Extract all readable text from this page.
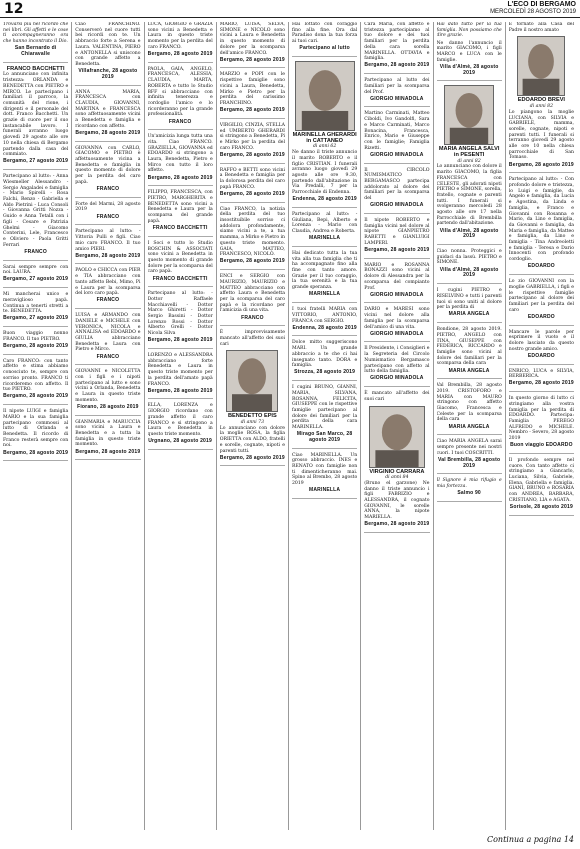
12	L'ECO DI BERGAMO
MERCOLEDÌ 28 AGOSTO 2019

Trovarsi più nel ricordo che nei libri. Gli affetti e le cose ti accompagneranno ora che hanno incontrato il Dio.

San Bernardo di Chiaravalle
FRANCO BACCHETTI

Lo annunciano con infinita tristezza: ORLANDA e BENEDETTA con PIETRO e MIRCO. Le partecipano i familiari il parroco, la comunità del rione, i dirigenti e il personale del dott. Franco Bacchetti. Un grazie di cuore per il suo instancabile lavoro. I funerali avranno luogo giovedì 29 agosto alle ore 10 nella chiesa di Bergamo partendo dalla casa del commiato.

Bergamo, 27 agosto 2019

Partecipano al lutto: - Anna Wiesmeller Alessandro - Sergio Angaladei e famiglia - Mario Spirelli - Rosa Falchi, Renzo - Gabriella e Aldo Pietrini - Luca Consoli - Giovanna Gritti Nozza - Guido e Anna Tetalli con i figli - Cesare e Patrizia Ghelmi - Giacomo Conterini, Lele, Francesco e Oliviero - Paola Gritti Ferrari

FRANCO

Sarai sempre sempre con noi. LAURA.

Bergamo, 27 agosto 2019

Mi mancherai unico e meraviglioso papà. Continua a tenerti stretti a te. BENEDETTA.

Bergamo, 27 agosto 2019

Buon viaggio nonno FRANCO. Il tuo PIETRO.

Bergamo, 28 agosto 2019

Caro FRANCO: con tanto affetto e stima abbiamo conosciuto te, sempre con sorriso pronto. FRANCO ti ricorderemo con affetto. Il tuo PIETRO.

Bergamo, 28 agosto 2019

Il nipote LUIGI e famiglia MARIO e la sua famiglia partecipano commossi al lutto di Orlanda e Benedetta. Il ricordo di Franco resterà sempre con noi.

Bergamo, 28 agosto 2019

Ciao FRANCHINO. Conserverò nel cuore tutti bei ricordi con te. Un abbraccio forte a Serena e Laura. VALENTINA, PIERO e ANTONELLA si uniscono con grande affetto a Benedetta.

Villafranche, 28 agosto 2019

ANNA MARIA, FRANCESCA con CLAUDIA, GIOVANNI, MARTINA e FRANCESCA sono affettuosamente vicini a Benedetta e famiglia e ricordano con affetto.

Bergamo, 28 agosto 2019

GIOVANNA con CARLO, GIACOMO e PIETRO è affettuosamente vicina a Benedetta e famiglia in questo momento di dolore per la perdita del caro papà.

FRANCO

Forte del Marmi, 28 agosto 2019

FRANCO

Partecipano al lutto: - Vittoria Pulli e figli. Ciao mio caro FRANCO. Il tuo amico PIERI.

Bergamo, 28 agosto 2019

PAOLO e CHICCA con PIER e TIA abbracciano con tanto affetto Bebi, Mimo, Pi e Laura per la scomparsa del loro caro papà.

FRANCO

LUISA e ARMANDO con DANIELE e MICHELE con VERONICA, NICOLA e ANNALISA ed EDOARDO e GIULIA abbracciano Benedetta e Laura con Pietro e Mirco.

FRANCO

GIOVANNI e NICOLETTA con i figli e i nipoti partecipano al lutto e sono vicini a Orlanda, Benedetta e Laura in questo triste momento.

Fiorano, 28 agosto 2019

GIANMARIA e MARUCCIA sono vicini a Laura e Benedetta e a tutta la famiglia in questo triste momento.

Bergamo, 28 agosto 2019

LUCA, GIORGIO e GRAZIA sono vicini a Benedetta e Laura in questo triste momento per la perdita del caro FRANCO.

Bergamo, 28 agosto 2019

PAOLA, GAIA, ANGELO, FRANCESCA, ALESSIA, CLAUDIA, MARTA, ROBERTA e tutto lo Studio BFF si abbracciano con infinita tenerezza e cordoglio l'amico e lo ricorderanno per la grande professionalità.

FRANCO

Un'amicizia lunga tutta una vita. Ciao FRANCO. GRAZIELLA, GIOVANNA ed EDOARDO si stringono a Laura, Benedetta, Pietro e Mirco con tutto il loro affetto.

Bergamo, 28 agosto 2019

FILIPPO, FRANCESCA, con PIETRO, MARGHERITA e BENEDETTA sono vicini a Benedetta e Laura per la scomparsa del grande papà.

FRANCO BACCHETTI

I Soci e tutto lo Studio BOSCHIN & ASSOCIATI sono vicini a Benedetta in questo momento di grande dolore per la scomparsa del caro papà.

FRANCO BACCHETTI

Partecipano al lutto: - Dottor Raffaele Macchiavelli - Dottor Marco Ghiretti - Dottor Sergio Bassini - Dottor Lorenzo Rossi - Dottor Alberto Grelli - Dottor Nicola Silva

Bergamo, 28 agosto 2019

LORENZO e ALESSANDRA abbracciano forte Benedetta e Laura in questo triste momento per la perdita dell'amato papà FRANCO.

Bergamo, 28 agosto 2019

ELLA, LORENZA e GIORGIO ricordano con grande affetto il caro FRANCO e si stringono a Laura e Benedetta in questo triste momento.

Urgnano, 28 agosto 2019

MARIO, LUISA, SELVA, SIMONE e NICOLO sono vicini a Laura e Benedetta in questo momento di dolore per la scomparsa dell'amico FRANCO.

Bergamo, 28 agosto 2019

MARZIO e POPI con le rispettive famiglie sono vicini a Laura, Benedetta, Mirko e Pietro per la perdita del carissimo FRANCHINO.

Bergamo, 28 agosto 2019

VIRGILIO, CINZIA, STELLA ed UMBERTO GHERARDI si stringono a Benedetta, Pi e Mirko per la perdita del caro FRANCO.

Bergamo, 28 agosto 2019

RAFFO e BETTI sono vicini a Benedetta e famiglia per la dolorosa perdita del caro papà FRANCO.

Bergamo, 28 agosto 2019

Ciao FRANCO, la notizia della perdita del tuo insostituibile sorriso ci addolora profondamente, siamo vicini a te, a tua mamma, a Mirko e Pietro in questo triste momento. GAIA, MATTEO, FRANCESCO, NICOLÒ.

Bergamo, 28 agosto 2019

ENCI e SERGIO con MAURIZIO, MAURIZIO e MATTEO abbracciano con affetto Laura e Benedetta per la scomparsa del caro papà e la ricordano per l'amicizia di una vita.

FRANCO

È improvvisamente mancato all'affetto dei suoi cari

BENEDETTO EPIS
di anni 73

Lo annunciano con dolore la moglie ROSA, la figlia ORIETTA con ALDO, fratelli e sorelle, cognate, nipoti e parenti tutti.

Bergamo, 28 agosto 2019

Hai lottato con coraggio fino alla fine. Ora dal Paradiso dona la tua forza ai tuoi cari.

Partecipano al lutto
MARINELLA GHERARDI in CATTANEO
di anni 62

Ne danno il triste annuncio il marito ROBERTO e il figlio CRISTIAN. I funerali avranno luogo giovedì 29 agosto alle ore 9.30, partendo dall'abitazione in Via Predalli, 7 per la Parrocchiale di Endenna.

Endenna, 28 agosto 2019

Partecipano al lutto: - Giuliana, Bepi, Alberto e Lorenza - Mario con Claudia, Andrea e Roberta.

MARINELLA

Hai dedicato tutta la tua vita alla tua famiglia che ti ha accompagnato fino alla fine con tanto amore. Grazie per il tuo coraggio, la tua serenità e la tua grande speranza.

MARINELLA

I tuoi fratelli MARIA con VITTORIO, ANTONIO, FRANCA con SERGIO.

Endenna, 28 agosto 2019

Dolce mitto suggeriscono MARI. Un grande abbraccio a te che ci hai insegnato tanto. DORA e famiglia.

Strozza, 28 agosto 2019

I cugini BRUNO, GIANNI, MARIA, SILVANA, ROSANNA, FELICITA, GIUSEPPE con le rispettive famiglie partecipano al dolore dei familiari per la perdita della cara MARINELLA.

Mirago San Marco, 28 agosto 2019

Ciao MARINELLA. Un grosso abbraccio. INES e RENATO con famiglie non ti dimenticheranno mai. Spino al Brembo, 28 agosto 2019

MARINELLA

Cara Maria, con affetto e tristezza partecipiamo al tuo dolore e dei tuoi familiari per la perdita della cara sorella MARINELLA. OTTAVIA e famiglia.

Bergamo, 28 agosto 2019

Partecipano al lutto dei familiari per la scomparsa del Prof.

GIORGIO MINADOLA

Martino Carminati, Matteo Ciboldi, Ivo Gandolfi, Sara e Marco Carminati, Marco Bonacina, Francesca, Enrico, Mario e Giuseppe con le famiglie; Famiglia Rizetti.

GIORGIO MINADOLA

Il CIRCOLO NUMISMATICO BERGAMASCO partecipa addolorato al dolore dei familiari per la scomparsa del

GIORGIO MINADOLA

Il nipote ROBERTO e famiglia vicini nel dolore al nipote GIANPIETRO RABETTI e GIANLUIGI LAMPERI.

Bergamo, 28 agosto 2019

MARIO e ROSANNA BONAZZI sono vicini al dolore di Alessandra per la scomparsa del compianto Prof.

GIORGIO MINADOLA

DARIO e MARESI sono vicini nel dolore alla famiglia per la scomparsa dell'amico di una vita.

GIORGIO MINADOLA

Il Presidente, i Consiglieri e la Segreteria del Circolo Numismatico Bergamasco partecipano con affetto al lutto della famiglia.

GIORGIO MINADOLA

È mancato all'affetto dei suoi cari

VIRGINIO CARRARA
di anni 84

(Bruno el garzone) Ne danno il triste annuncio i figli FABRIZIO e ALESSANDRA, il cognato GIOVANNI, le sorelle ANNA, la nipote MARIELLA.

Bergamo, 28 agosto 2019

Hai dato tutto per la tua famiglia. Non possiamo che dire grazie.

Ne danno l'annuncio il marito GIACOMO, i figli MARCO e LUCA con le famiglie.

Villa d'Almè, 28 agosto 2019
MARIA ANGELA SALVI in PESENTI
di anni 82

Lo annunciano con dolore il marito GIACOMO, la figlia FRANCESCA con CELESTE, gli adorati nipoti PIETRO e SIMONE, sorella, fratello, cognate e parenti tutti. I funerali si svolgeranno mercoledì 28 agosto alle ore 17 nella Parrocchiale di Brembilla partendo dall'abitazione.

Villa d'Almè, 28 agosto 2019

Ciao nonna. Proteggici e guidaci da lassù. PIETRO e SIMONE.

Villa d'Almè, 28 agosto 2019

I cugini PIETRO e RISELVINO e tutti i parenti tuoi si sono uniti al dolore per la perdita di

MARIA ANGELA

Bondione, 28 agosto 2019. PIETRO, ANGELO con TINA, GIUSEPPE con FEDERICA, RICCARDO e famiglie sono vicini al dolore dei familiari per la scomparsa della cara

MARIA ANGELA

Val Brembilla, 28 agosto 2019. CRISTOFORO e MARIA con MAURO stringono con affetto Giacomo, Francesca e Celeste per la scomparsa della cara

MARIA ANGELA

Ciao MARIA ANGELA sarai sempre presente nei nostri cuori. I tuoi COSCRITTI.

Val Brembilla, 28 agosto 2019

Il Signore è mia rifugio e mia fortezza.

Salmo 90

È tornato alla Casa del Padre il nostro amato

EDOARDO BREVI
di anni 82

Lo piangono la moglie LUCIANA, con SILVIA e GABRIELE, mamma, sorelle, cognate, nipoti e parenti tutti. I funerali si terranno giovedì 29 agosto alle ore 10 nella chiesa parrocchiale di San Tomaso.

Bergamo, 28 agosto 2019

Partecipano al lutto: - Con profondo dolore e tristezza, lo Luigi e famiglie, da Angelo e famiglia, da Lucia e Agostina, da Linda e famiglia, e Franco e Giovanni con Rosanna e Mario, da Lino e famiglia, da Giovanni e famiglia, da Maria e famiglia, da Matteo e famiglia, da Lino e famiglia - Tina Andreoletti e famiglia - Teresa e Dario Innocenti con profondo cordoglio.

EDOARDO

Lo zio GIOVANNI con la moglie GABRIELLA, i figli e le rispettive famiglie partecipano al dolore dei familiari per la perdita del caro

EDOARDO

Mancare le parole per esprimere il vuoto e il dolore lasciato da questo nostro grande amico.

EDOARDO

ENRICO, LUCA e SILVIA, BERBERICA.

Bergamo, 28 agosto 2019

In questo giorno di lutto ci stringiamo alla vostra famiglia per la perdita di EDOARDO. Partecipa: Famiglia PEREGO ALFREDO e MICHELE. Nembro - Severo, 28 agosto 2019

Buon viaggio EDOARDO

Il profondo sempre nel cuore. Con tanto affetto ci stringiamo a Giancarlo, Luciana, Silvia, Gabriele, Elena, Gabriella e famiglia. GIANI, BRUNO e ROSARIA con ANDREA, BARBARA, CRISTIANO, LIA e AGATA.

Sorisole, 28 agosto 2019
Continua a pagina 14
